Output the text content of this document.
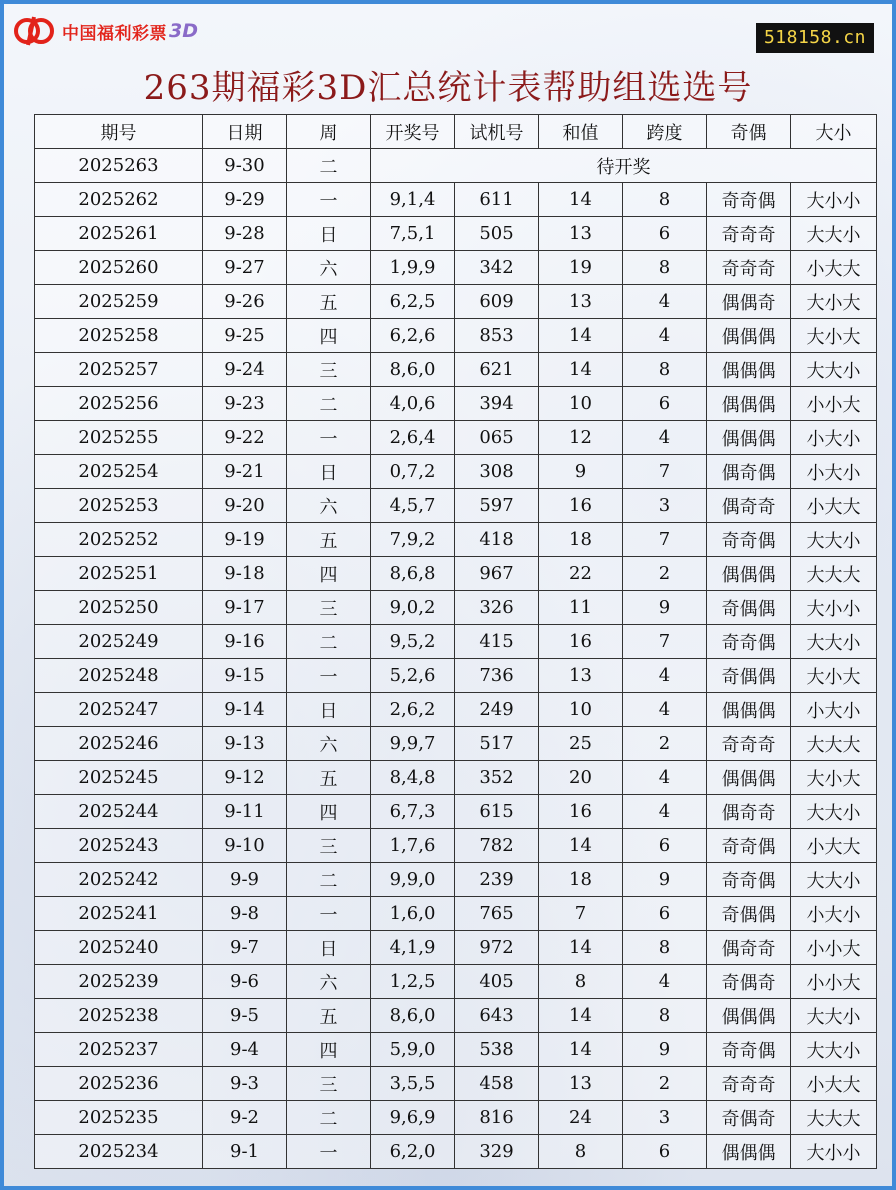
中国福利彩票 3D	518158.cn
263期福彩3D汇总统计表帮助组选选号
期号	日期	周	开奖号	试机号	和值	跨度	奇偶	大小
2025263	9-30	二	待开奖					
2025262	9-29	一	9,1,4	611	14	8	奇奇偶	大小小
2025261	9-28	日	7,5,1	505	13	6	奇奇奇	大大小
2025260	9-27	六	1,9,9	342	19	8	奇奇奇	小大大
2025259	9-26	五	6,2,5	609	13	4	偶偶奇	大小大
2025258	9-25	四	6,2,6	853	14	4	偶偶偶	大小大
2025257	9-24	三	8,6,0	621	14	8	偶偶偶	大大小
2025256	9-23	二	4,0,6	394	10	6	偶偶偶	小小大
2025255	9-22	一	2,6,4	065	12	4	偶偶偶	小大小
2025254	9-21	日	0,7,2	308	9	7	偶奇偶	小大小
2025253	9-20	六	4,5,7	597	16	3	偶奇奇	小大大
2025252	9-19	五	7,9,2	418	18	7	奇奇偶	大大小
2025251	9-18	四	8,6,8	967	22	2	偶偶偶	大大大
2025250	9-17	三	9,0,2	326	11	9	奇偶偶	大小小
2025249	9-16	二	9,5,2	415	16	7	奇奇偶	大大小
2025248	9-15	一	5,2,6	736	13	4	奇偶偶	大小大
2025247	9-14	日	2,6,2	249	10	4	偶偶偶	小大小
2025246	9-13	六	9,9,7	517	25	2	奇奇奇	大大大
2025245	9-12	五	8,4,8	352	20	4	偶偶偶	大小大
2025244	9-11	四	6,7,3	615	16	4	偶奇奇	大大小
2025243	9-10	三	1,7,6	782	14	6	奇奇偶	小大大
2025242	9-9	二	9,9,0	239	18	9	奇奇偶	大大小
2025241	9-8	一	1,6,0	765	7	6	奇偶偶	小大小
2025240	9-7	日	4,1,9	972	14	8	偶奇奇	小小大
2025239	9-6	六	1,2,5	405	8	4	奇偶奇	小小大
2025238	9-5	五	8,6,0	643	14	8	偶偶偶	大大小
2025237	9-4	四	5,9,0	538	14	9	奇奇偶	大大小
2025236	9-3	三	3,5,5	458	13	2	奇奇奇	小大大
2025235	9-2	二	9,6,9	816	24	3	奇偶奇	大大大
2025234	9-1	一	6,2,0	329	8	6	偶偶偶	大小小
